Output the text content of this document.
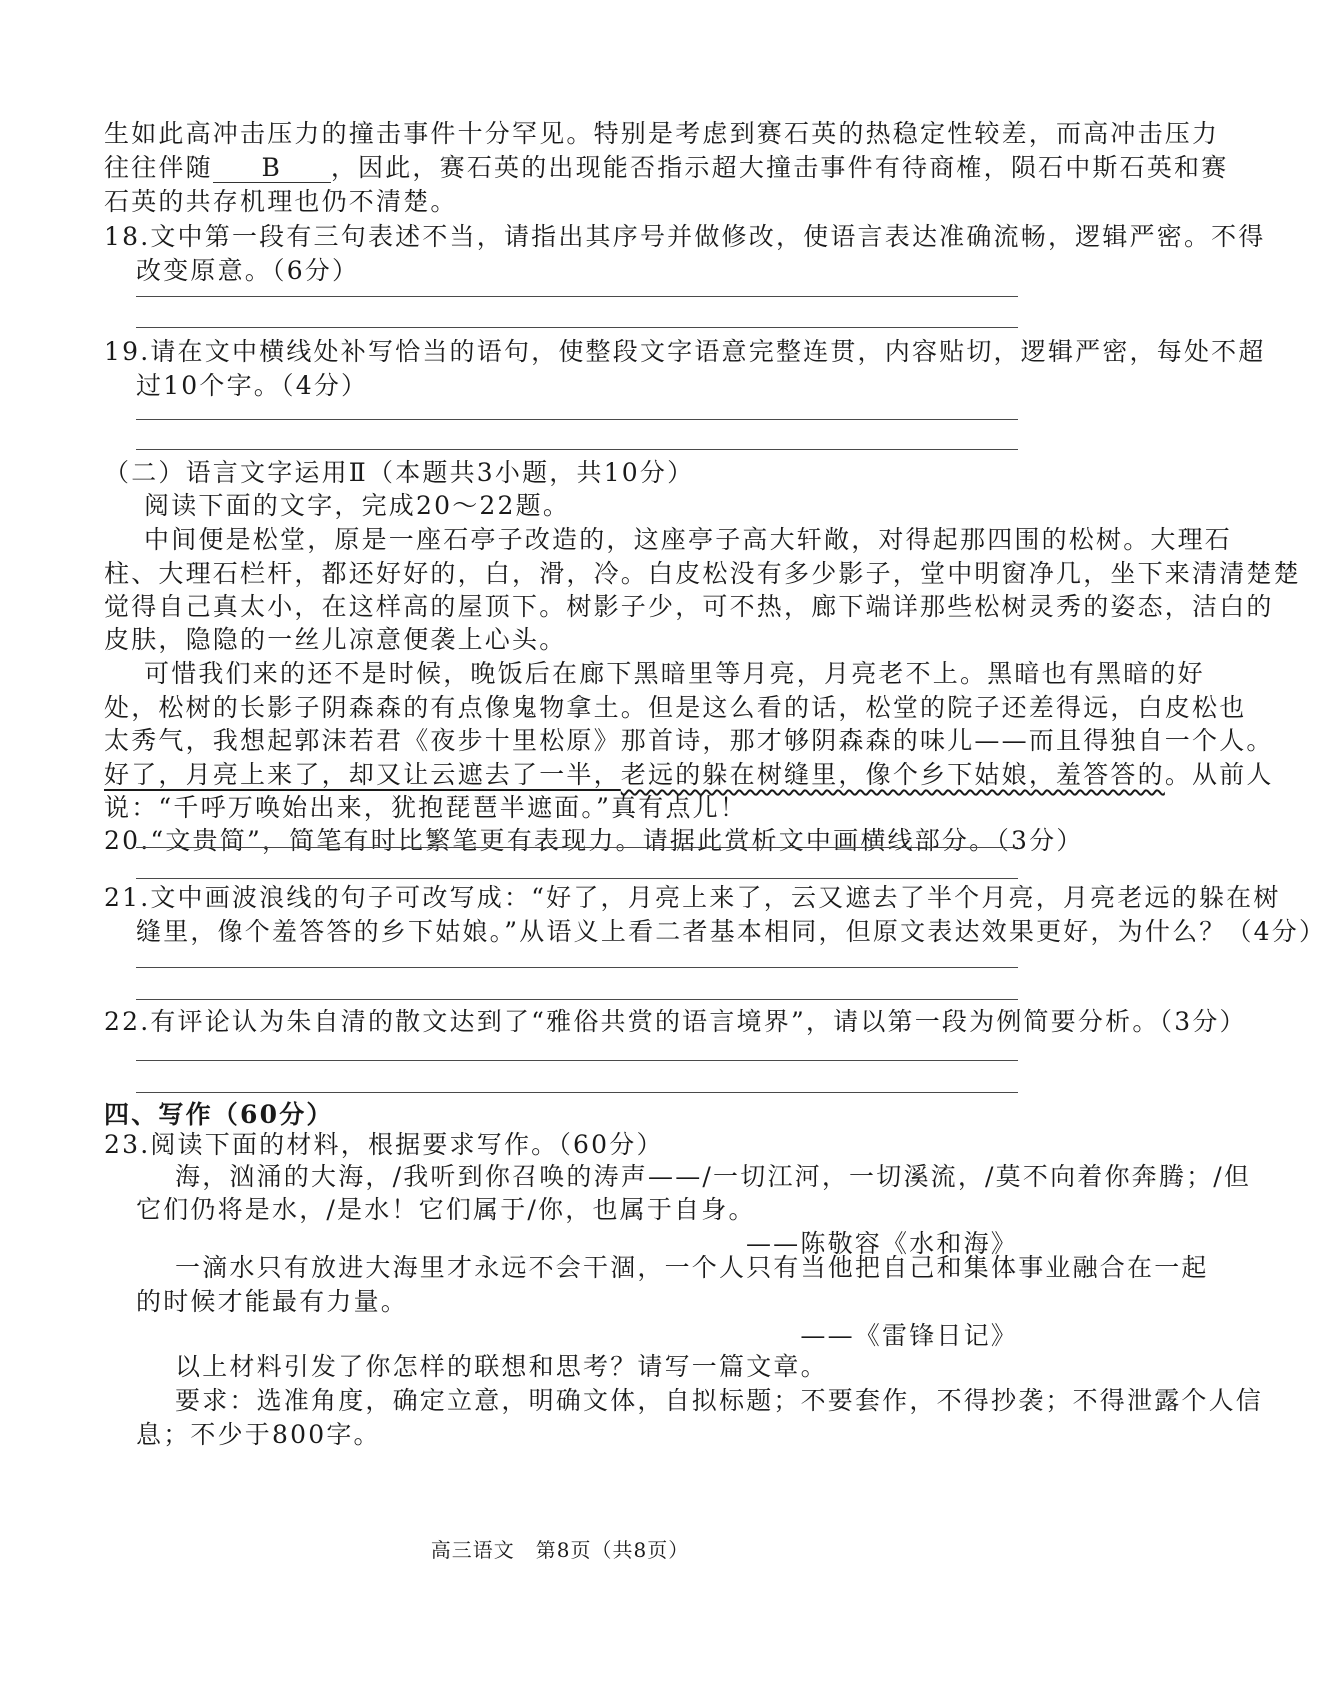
生如此高冲击压力的撞击事件十分罕见。特别是考虑到赛石英的热稳定性较差，而高冲击压力
往往伴随 B ，因此，赛石英的出现能否指示超大撞击事件有待商榷，陨石中斯石英和赛
石英的共存机理也仍不清楚。
18.文中第一段有三句表述不当，请指出其序号并做修改，使语言表达准确流畅，逻辑严密。不得
改变原意。（6分）
19.请在文中横线处补写恰当的语句，使整段文字语意完整连贯，内容贴切，逻辑严密，每处不超
过10个字。（4分）
（二）语言文字运用Ⅱ（本题共3小题，共10分）
阅读下面的文字，完成20～22题。
中间便是松堂，原是一座石亭子改造的，这座亭子高大轩敞，对得起那四围的松树。大理石
柱、大理石栏杆，都还好好的，白，滑，冷。白皮松没有多少影子，堂中明窗净几，坐下来清清楚楚
觉得自己真太小，在这样高的屋顶下。树影子少，可不热，廊下端详那些松树灵秀的姿态，洁白的
皮肤，隐隐的一丝儿凉意便袭上心头。
可惜我们来的还不是时候，晚饭后在廊下黑暗里等月亮，月亮老不上。黑暗也有黑暗的好
处，松树的长影子阴森森的有点像鬼物拿土。但是这么看的话，松堂的院子还差得远，白皮松也
太秀气，我想起郭沫若君《夜步十里松原》那首诗，那才够阴森森的味儿——而且得独自一个人。
好了，月亮上来了，却又让云遮去了一半，老远的躲在树缝里，像个乡下姑娘，羞答答的。从前人
说：“千呼万唤始出来，犹抱琵琶半遮面。”真有点儿！
20.“文贵简”，简笔有时比繁笔更有表现力。请据此赏析文中画横线部分。（3分）
21.文中画波浪线的句子可改写成：“好了，月亮上来了，云又遮去了半个月亮，月亮老远的躲在树
缝里，像个羞答答的乡下姑娘。”从语义上看二者基本相同，但原文表达效果更好，为什么？（4分）
22.有评论认为朱自清的散文达到了“雅俗共赏的语言境界”，请以第一段为例简要分析。（3分）
四、写作（60分）
23.阅读下面的材料，根据要求写作。（60分）
海，汹涌的大海，/我听到你召唤的涛声——/一切江河，一切溪流，/莫不向着你奔腾；/但
它们仍将是水，/是水！它们属于/你，也属于自身。
——陈敬容《水和海》
一滴水只有放进大海里才永远不会干涸，一个人只有当他把自己和集体事业融合在一起
的时候才能最有力量。
——《雷锋日记》
以上材料引发了你怎样的联想和思考？请写一篇文章。
要求：选准角度，确定立意，明确文体，自拟标题；不要套作，不得抄袭；不得泄露个人信
息；不少于800字。
高三语文　第8页（共8页）
